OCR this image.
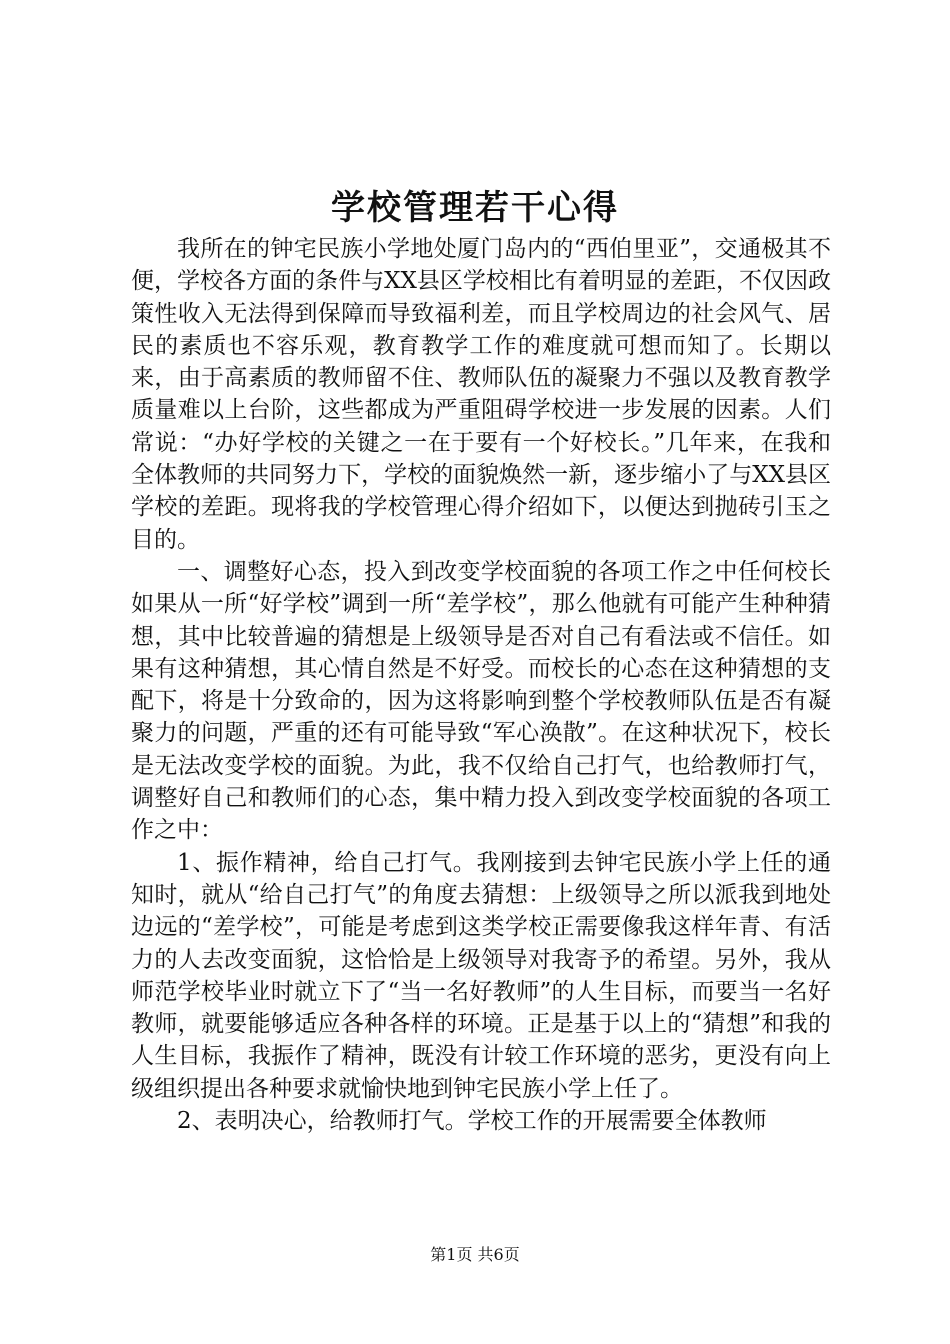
学校管理若干心得

我所在的钟宅民族小学地处厦门岛内的“西伯里亚”，交通极其不便，学校各方面的条件与XX县区学校相比有着明显的差距，不仅因政策性收入无法得到保障而导致福利差，而且学校周边的社会风气、居民的素质也不容乐观，教育教学工作的难度就可想而知了。长期以来，由于高素质的教师留不住、教师队伍的凝聚力不强以及教育教学质量难以上台阶，这些都成为严重阻碍学校进一步发展的因素。人们常说：“办好学校的关键之一在于要有一个好校长。”几年来，在我和全体教师的共同努力下，学校的面貌焕然一新，逐步缩小了与XX县区学校的差距。现将我的学校管理心得介绍如下，以便达到抛砖引玉之目的。

一、调整好心态，投入到改变学校面貌的各项工作之中任何校长如果从一所“好学校”调到一所“差学校”，那么他就有可能产生种种猜想，其中比较普遍的猜想是上级领导是否对自己有看法或不信任。如果有这种猜想，其心情自然是不好受。而校长的心态在这种猜想的支配下，将是十分致命的，因为这将影响到整个学校教师队伍是否有凝聚力的问题，严重的还有可能导致“军心涣散”。在这种状况下，校长是无法改变学校的面貌。为此，我不仅给自己打气，也给教师打气，调整好自己和教师们的心态，集中精力投入到改变学校面貌的各项工作之中：

1、振作精神，给自己打气。我刚接到去钟宅民族小学上任的通知时，就从“给自己打气”的角度去猜想：上级领导之所以派我到地处边远的“差学校”，可能是考虑到这类学校正需要像我这样年青、有活力的人去改变面貌，这恰恰是上级领导对我寄予的希望。另外，我从师范学校毕业时就立下了“当一名好教师”的人生目标，而要当一名好教师，就要能够适应各种各样的环境。正是基于以上的“猜想”和我的人生目标，我振作了精神，既没有计较工作环境的恶劣，更没有向上级组织提出各种要求就愉快地到钟宅民族小学上任了。

2、表明决心，给教师打气。学校工作的开展需要全体教师

第1页 共6页
